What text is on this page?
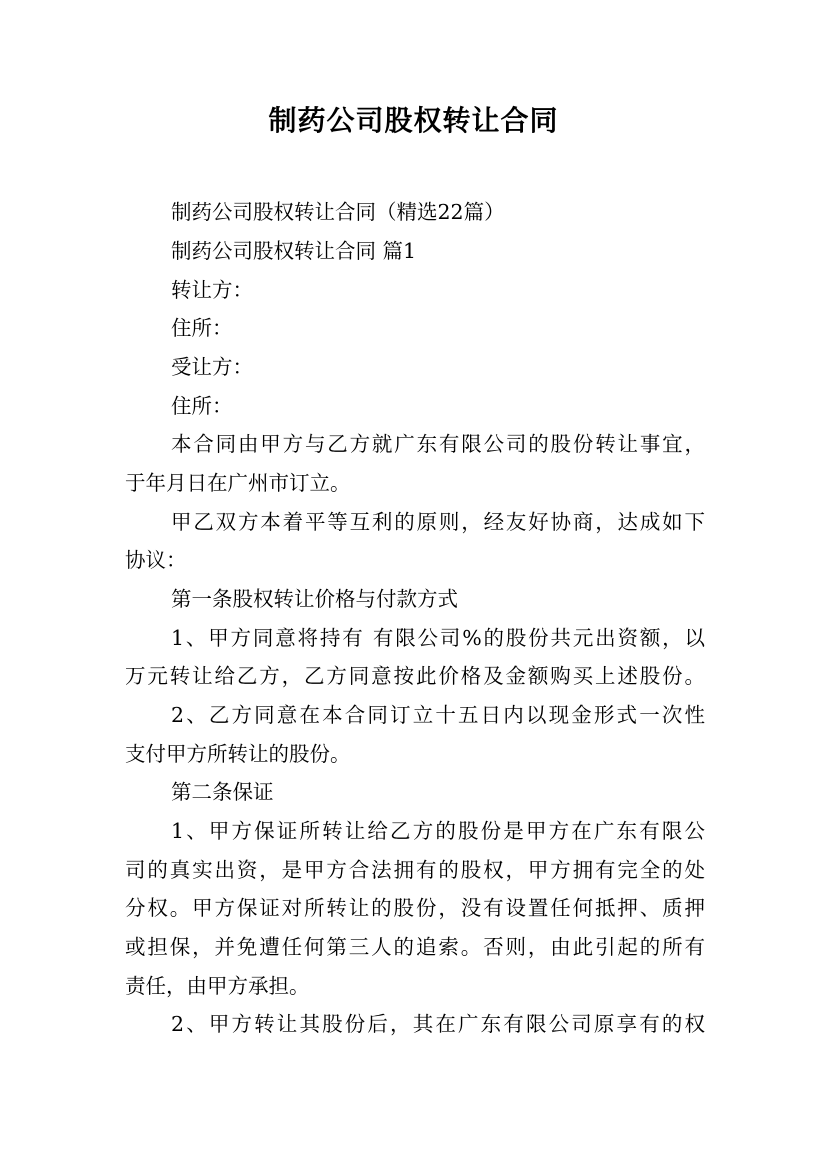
制药公司股权转让合同
制药公司股权转让合同（精选22篇）
制药公司股权转让合同 篇1
转让方：
住所：
受让方：
住所：
本合同由甲方与乙方就广东有限公司的股份转让事宜，
于年月日在广州市订立。
甲乙双方本着平等互利的原则，经友好协商，达成如下
协议：
第一条股权转让价格与付款方式
1、甲方同意将持有 有限公司%的股份共元出资额，以
万元转让给乙方，乙方同意按此价格及金额购买上述股份。
2、乙方同意在本合同订立十五日内以现金形式一次性
支付甲方所转让的股份。
第二条保证
1、甲方保证所转让给乙方的股份是甲方在广东有限公
司的真实出资，是甲方合法拥有的股权，甲方拥有完全的处
分权。甲方保证对所转让的股份，没有设置任何抵押、质押
或担保，并免遭任何第三人的追索。否则，由此引起的所有
责任，由甲方承担。
2、甲方转让其股份后，其在广东有限公司原享有的权
